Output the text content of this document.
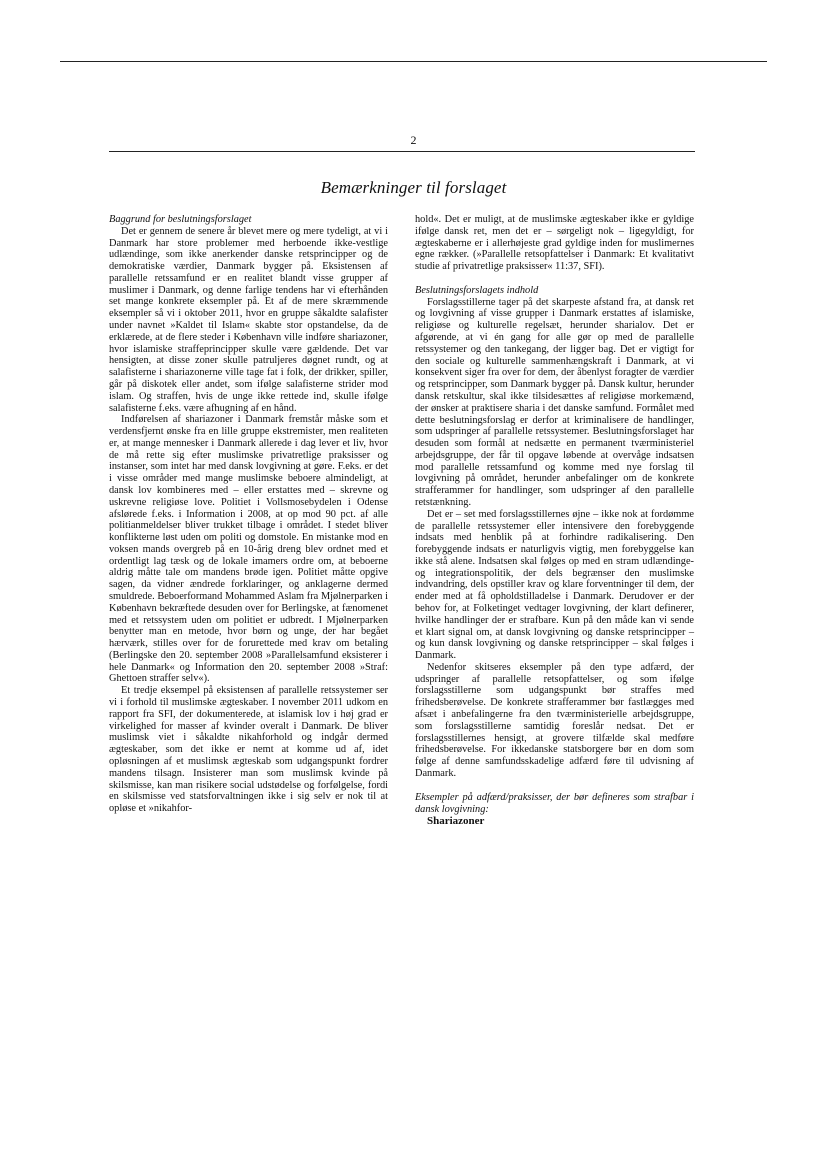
2
Bemærkninger til forslaget

Baggrund for beslutningsforslaget

Det er gennem de senere år blevet mere og mere tydeligt, at vi i Danmark har store problemer med herboende ikke-vestlige udlændinge, som ikke anerkender danske retsprincipper og de demokratiske værdier, Danmark bygger på. Eksistensen af parallelle retssamfund er en realitet blandt visse grupper af muslimer i Danmark, og denne farlige tendens har vi efterhånden set mange konkrete eksempler på. Et af de mere skræmmende eksempler så vi i oktober 2011, hvor en gruppe såkaldte salafister under navnet »Kaldet til Islam« skabte stor opstandelse, da de erklærede, at de flere steder i København ville indføre shariazoner, hvor islamiske straffeprincipper skulle være gældende. Det var hensigten, at disse zoner skulle patruljeres døgnet rundt, og at salafisterne i shariazonerne ville tage fat i folk, der drikker, spiller, går på diskotek eller andet, som ifølge salafisterne strider mod islam. Og straffen, hvis de unge ikke rettede ind, skulle ifølge salafisterne f.eks. være afhugning af en hånd.

Indførelsen af shariazoner i Danmark fremstår måske som et verdensfjernt ønske fra en lille gruppe ekstremister, men realiteten er, at mange mennesker i Danmark allerede i dag lever et liv, hvor de må rette sig efter muslimske privatretlige praksisser og instanser, som intet har med dansk lovgivning at gøre. F.eks. er det i visse områder med mange muslimske beboere almindeligt, at dansk lov kombineres med – eller erstattes med – skrevne og uskrevne religiøse love. Politiet i Vollsmosebydelen i Odense afslørede f.eks. i Information i 2008, at op mod 90 pct. af alle politianmeldelser bliver trukket tilbage i området. I stedet bliver konflikterne løst uden om politi og domstole. En mistanke mod en voksen mands overgreb på en 10-årig dreng blev ordnet med et ordentligt lag tæsk og de lokale imamers ordre om, at beboerne aldrig måtte tale om mandens brøde igen. Politiet måtte opgive sagen, da vidner ændrede forklaringer, og anklagerne dermed smuldrede. Beboerformand Mohammed Aslam fra Mjølnerparken i København bekræftede desuden over for Berlingske, at fænomenet med et retssystem uden om politiet er udbredt. I Mjølnerparken benytter man en metode, hvor børn og unge, der har begået hærværk, stilles over for de forurettede med krav om betaling (Berlingske den 20. september 2008 »Parallelsamfund eksisterer i hele Danmark« og Information den 20. september 2008 »Straf: Ghettoen straffer selv«).

Et tredje eksempel på eksistensen af parallelle retssystemer ser vi i forhold til muslimske ægteskaber. I november 2011 udkom en rapport fra SFI, der dokumenterede, at islamisk lov i høj grad er virkelighed for masser af kvinder overalt i Danmark. De bliver muslimsk viet i såkaldte nikahforhold og indgår dermed ægteskaber, som det ikke er nemt at komme ud af, idet opløsningen af et muslimsk ægteskab som udgangspunkt fordrer mandens tilsagn. Insisterer man som muslimsk kvinde på skilsmisse, kan man risikere social udstødelse og forfølgelse, fordi en skilsmisse ved statsforvaltningen ikke i sig selv er nok til at opløse et »nikahfor-

hold«. Det er muligt, at de muslimske ægteskaber ikke er gyldige ifølge dansk ret, men det er – sørgeligt nok – ligegyldigt, for ægteskaberne er i allerhøjeste grad gyldige inden for muslimernes egne rækker. (»Parallelle retsopfattelser i Danmark: Et kvalitativt studie af privatretlige praksisser« 11:37, SFI).

Beslutningsforslagets indhold

Forslagsstillerne tager på det skarpeste afstand fra, at dansk ret og lovgivning af visse grupper i Danmark erstattes af islamiske, religiøse og kulturelle regelsæt, herunder sharialov. Det er afgørende, at vi én gang for alle gør op med de parallelle retssystemer og den tankegang, der ligger bag. Det er vigtigt for den sociale og kulturelle sammenhængskraft i Danmark, at vi konsekvent siger fra over for dem, der åbenlyst foragter de værdier og retsprincipper, som Danmark bygger på. Dansk kultur, herunder dansk retskultur, skal ikke tilsidesættes af religiøse morkemænd, der ønsker at praktisere sharia i det danske samfund. Formålet med dette beslutningsforslag er derfor at kriminalisere de handlinger, som udspringer af parallelle retssystemer. Beslutningsforslaget har desuden som formål at nedsætte en permanent tværministeriel arbejdsgruppe, der får til opgave løbende at overvåge indsatsen mod parallelle retssamfund og komme med nye forslag til lovgivning på området, herunder anbefalinger om de konkrete strafferammer for handlinger, som udspringer af den parallelle retstænkning.

Det er – set med forslagsstillernes øjne – ikke nok at fordømme de parallelle retssystemer eller intensivere den forebyggende indsats med henblik på at forhindre radikalisering. Den forebyggende indsats er naturligvis vigtig, men forebyggelse kan ikke stå alene. Indsatsen skal følges op med en stram udlændinge- og integrationspolitik, der dels begrænser den muslimske indvandring, dels opstiller krav og klare forventninger til dem, der ender med at få opholdstilladelse i Danmark. Derudover er der behov for, at Folketinget vedtager lovgivning, der klart definerer, hvilke handlinger der er strafbare. Kun på den måde kan vi sende et klart signal om, at dansk lovgivning og danske retsprincipper – og kun dansk lovgivning og danske retsprincipper – skal følges i Danmark.

Nedenfor skitseres eksempler på den type adfærd, der udspringer af parallelle retsopfattelser, og som ifølge forslagsstillerne som udgangspunkt bør straffes med frihedsberøvelse. De konkrete strafferammer bør fastlægges med afsæt i anbefalingerne fra den tværministerielle arbejdsgruppe, som forslagsstillerne samtidig foreslår nedsat. Det er forslagsstillernes hensigt, at grovere tilfælde skal medføre frihedsberøvelse. For ikkedanske statsborgere bør en dom som følge af denne samfundsskadelige adfærd føre til udvisning af Danmark.

Eksempler på adfærd/praksisser, der bør defineres som strafbar i dansk lovgivning:

Shariazoner
